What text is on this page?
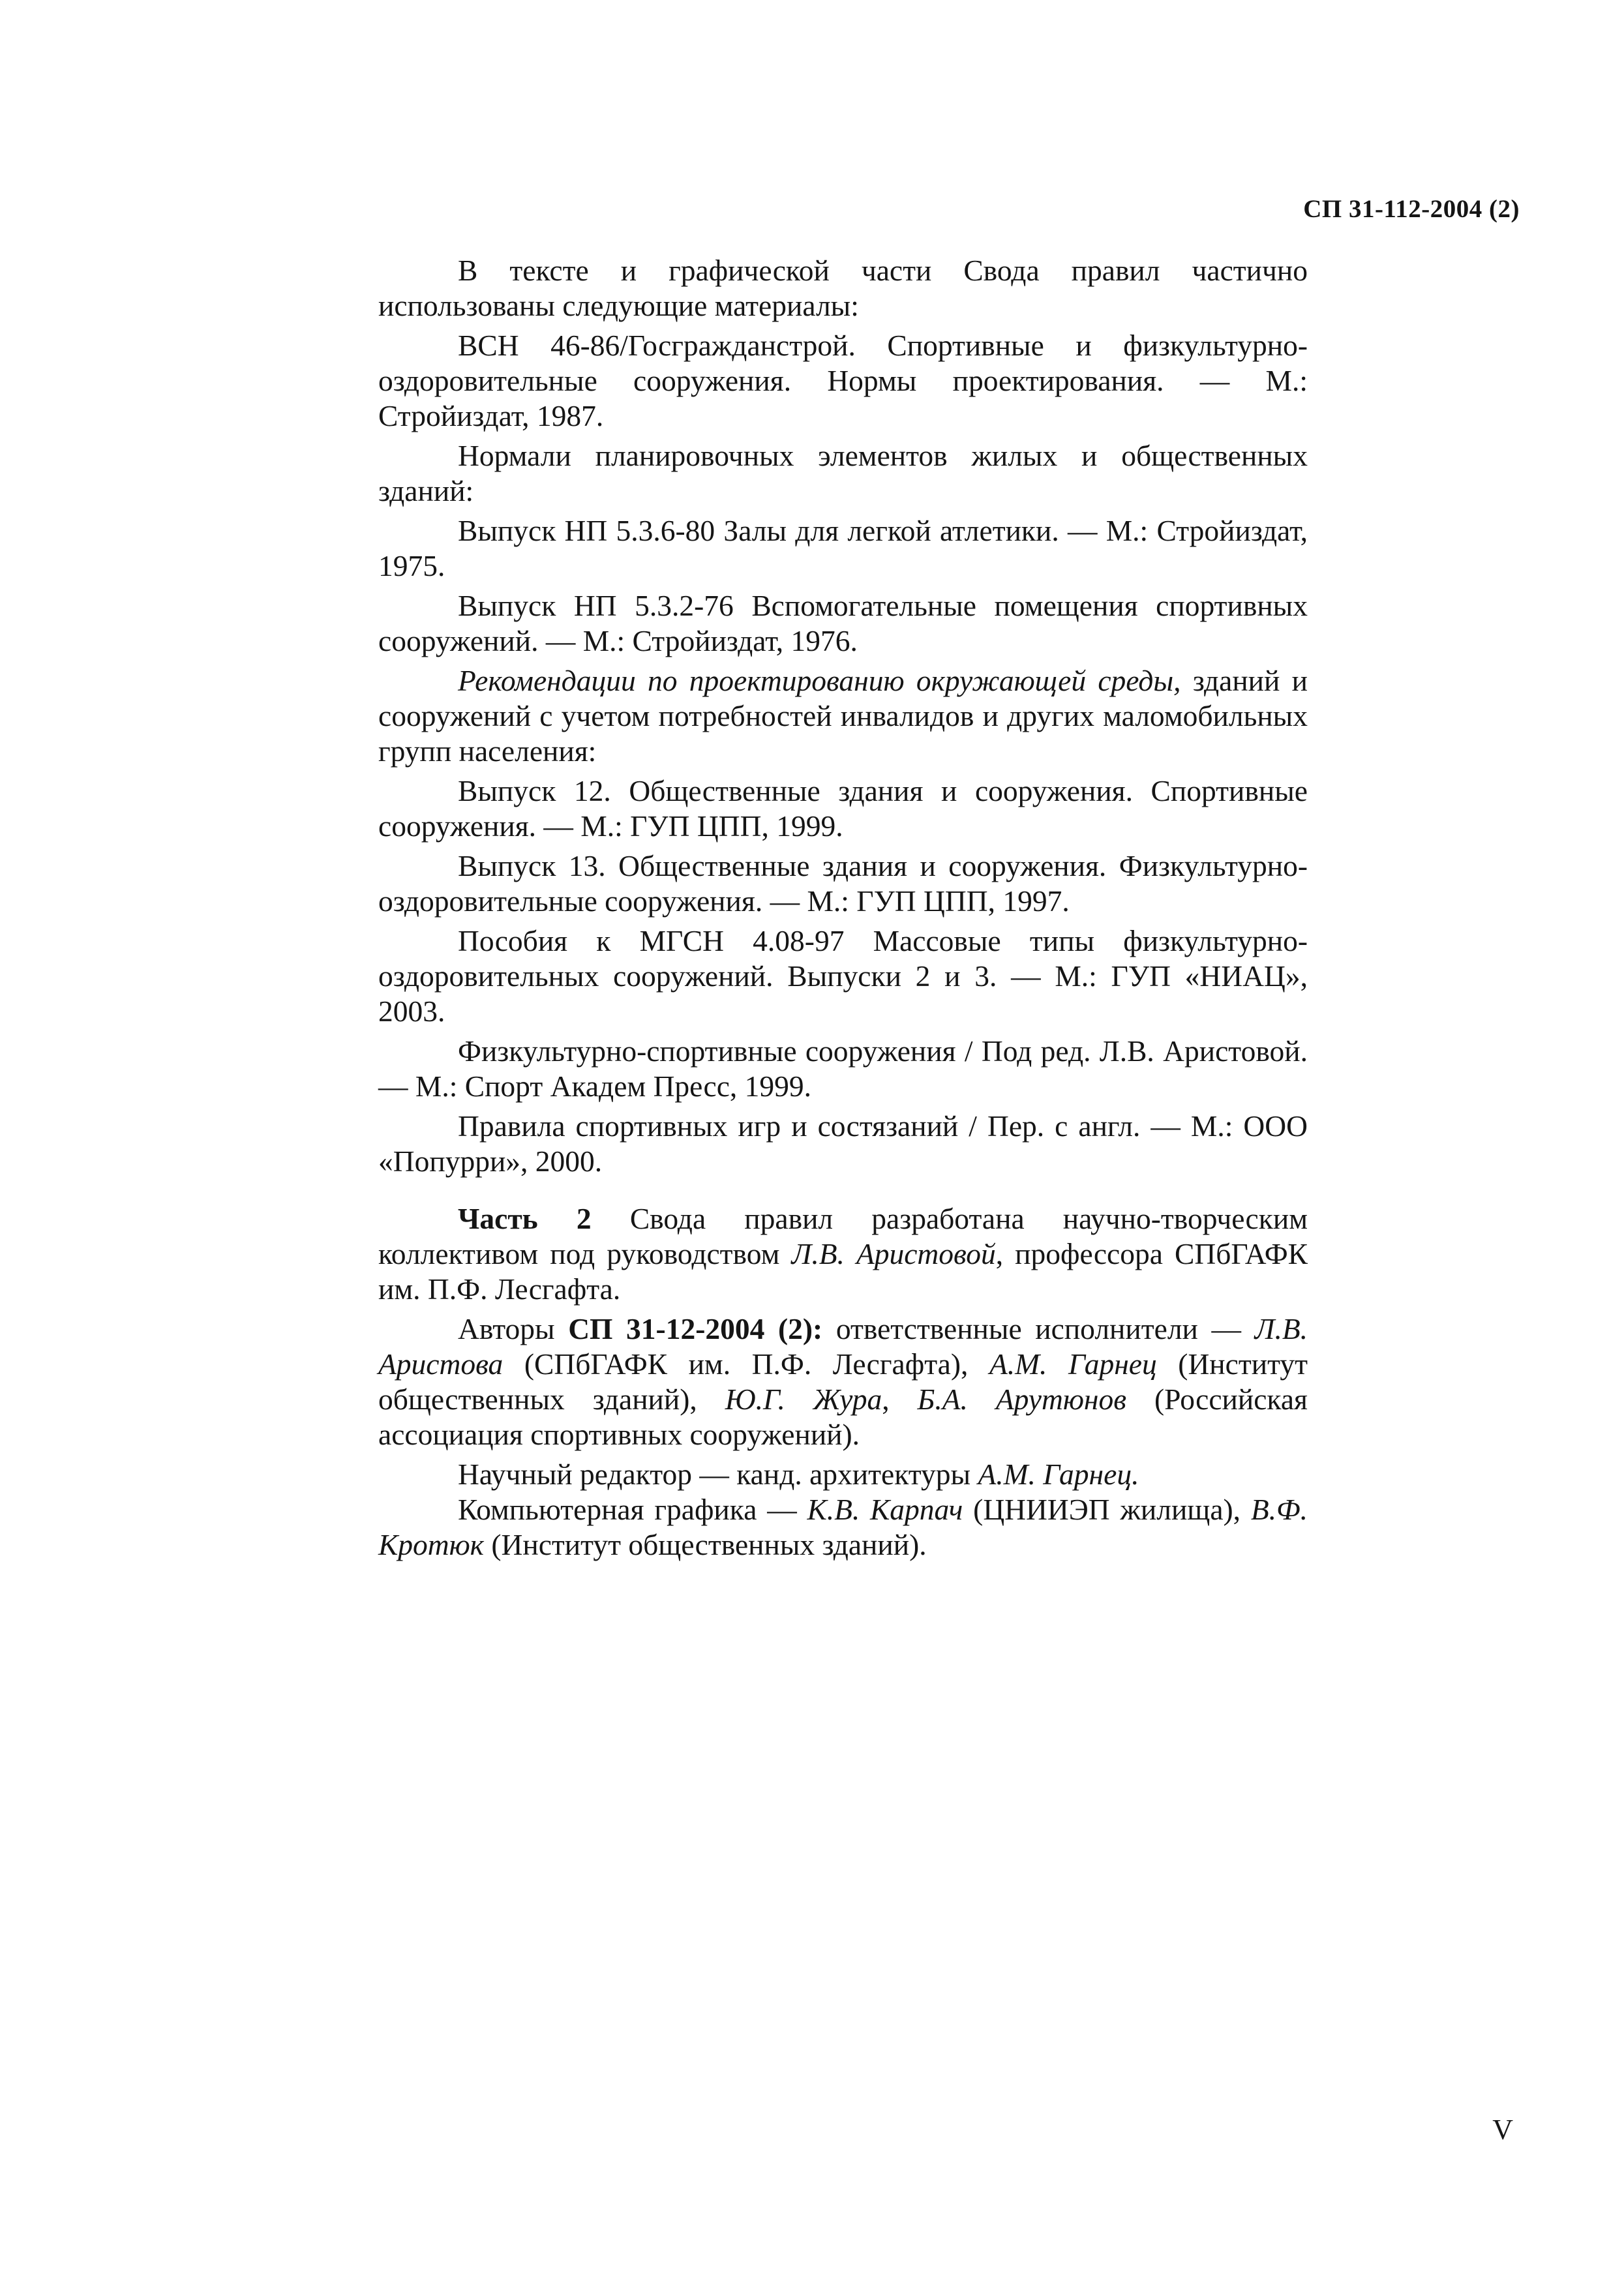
СП 31-112-2004 (2)

В тексте и графической части Свода правил частично использованы следующие материалы:

ВСН 46-86/Госгражданстрой. Спортивные и физкультурно-оздоровительные сооружения. Нормы проектирования. — М.: Стройиздат, 1987.

Нормали планировочных элементов жилых и общественных зданий:

Выпуск НП 5.3.6-80 Залы для легкой атлетики. — М.: Стройиздат, 1975.

Выпуск НП 5.3.2-76 Вспомогательные помещения спортивных сооружений. — М.: Стройиздат, 1976.

Рекомендации по проектированию окружающей среды, зданий и сооружений с учетом потребностей инвалидов и других маломобильных групп населения:

Выпуск 12. Общественные здания и сооружения. Спортивные сооружения. — М.: ГУП ЦПП, 1999.

Выпуск 13. Общественные здания и сооружения. Физкультурно-оздоровительные сооружения. — М.: ГУП ЦПП, 1997.

Пособия к МГСН 4.08-97 Массовые типы физкультурно-оздоровительных сооружений. Выпуски 2 и 3. — М.: ГУП «НИАЦ», 2003.

Физкультурно-спортивные сооружения / Под ред. Л.В. Аристовой. — М.: Спорт Академ Пресс, 1999.

Правила спортивных игр и состязаний / Пер. с англ. — М.: ООО «Попурри», 2000.

Часть 2 Свода правил разработана научно-творческим коллективом под руководством Л.В. Аристовой, профессора СПбГАФК им. П.Ф. Лесгафта.

Авторы СП 31-12-2004 (2): ответственные исполнители — Л.В. Аристова (СПбГАФК им. П.Ф. Лесгафта), А.М. Гарнец (Институт общественных зданий), Ю.Г. Жура, Б.А. Арутюнов (Российская ассоциация спортивных сооружений).

Научный редактор — канд. архитектуры А.М. Гарнец.

Компьютерная графика — К.В. Карпач (ЦНИИЭП жилища), В.Ф. Кротюк (Институт общественных зданий).

V
